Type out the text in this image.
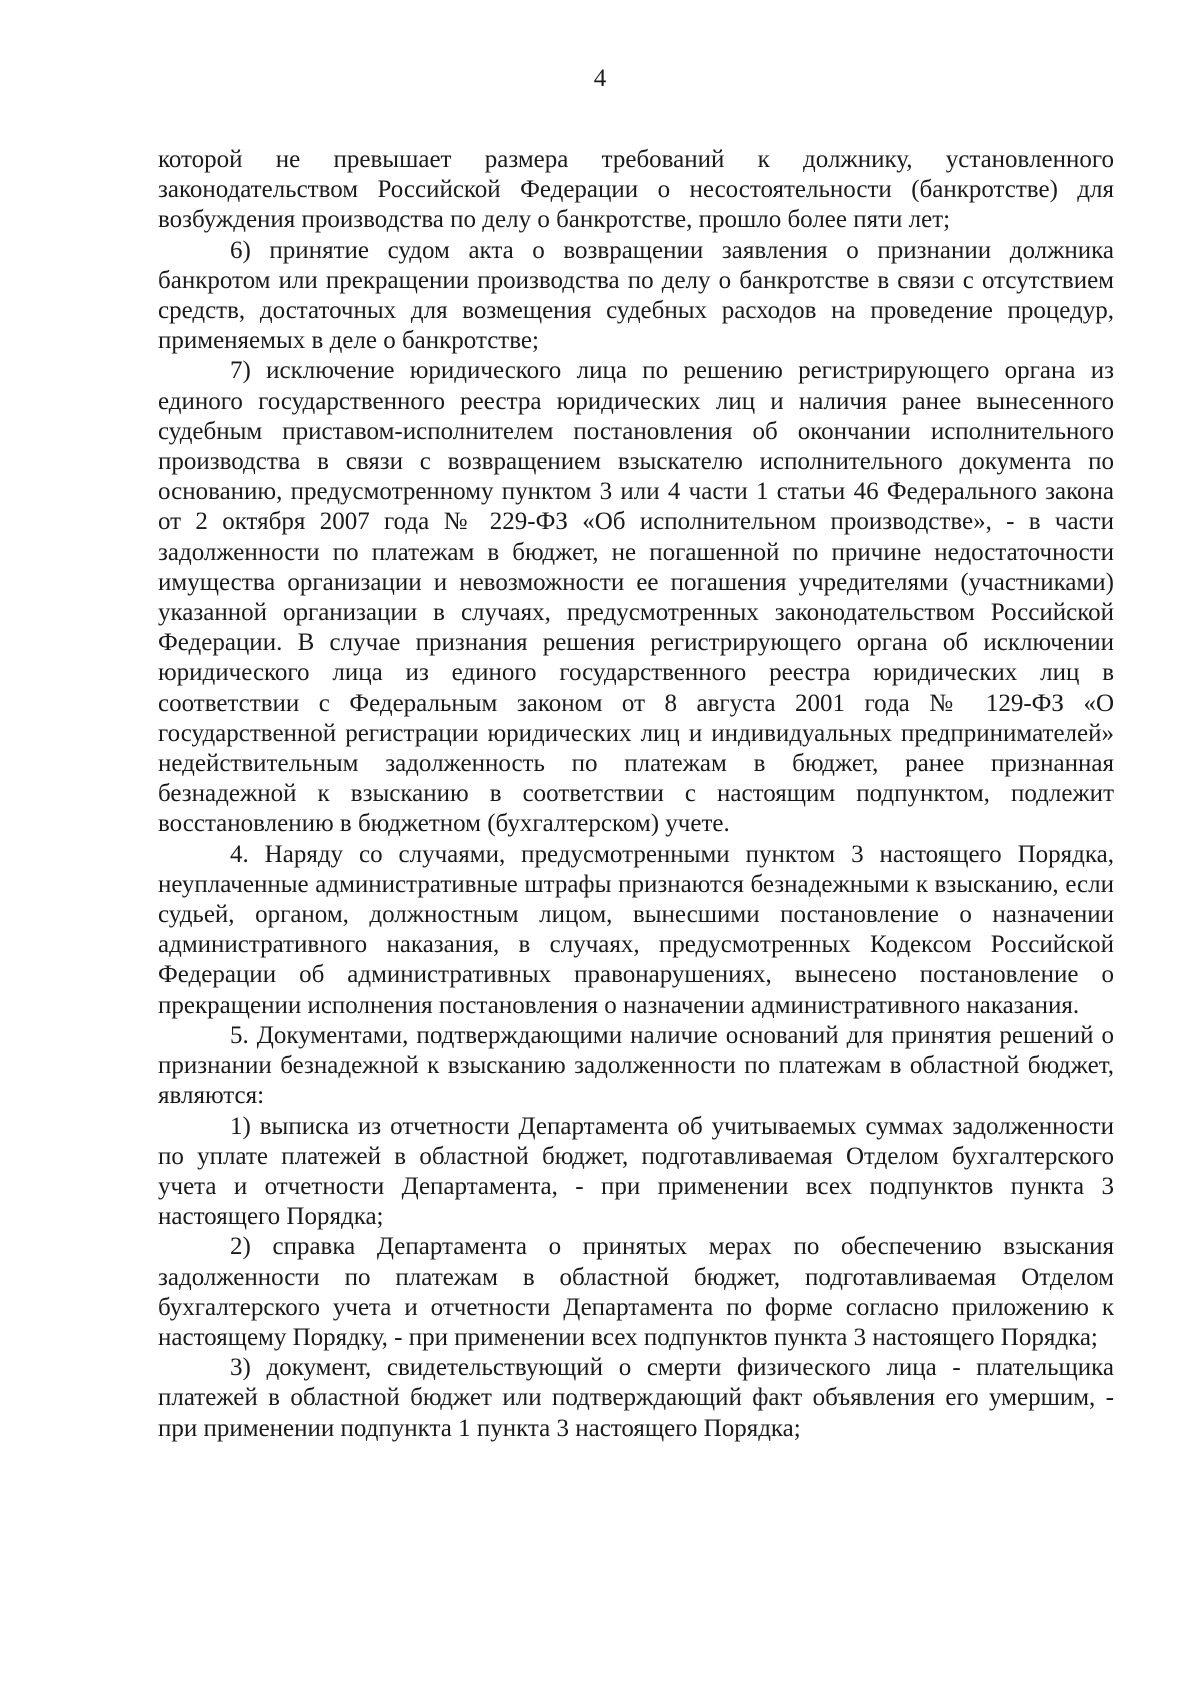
4

которой не превышает размера требований к должнику, установленного законодательством Российской Федерации о несостоятельности (банкротстве) для возбуждения производства по делу о банкротстве, прошло более пяти лет;

6) принятие судом акта о возвращении заявления о признании должника банкротом или прекращении производства по делу о банкротстве в связи с отсутствием средств, достаточных для возмещения судебных расходов на проведение процедур, применяемых в деле о банкротстве;

7) исключение юридического лица по решению регистрирующего органа из единого государственного реестра юридических лиц и наличия ранее вынесенного судебным приставом-исполнителем постановления об окончании исполнительного производства в связи с возвращением взыскателю исполнительного документа по основанию, предусмотренному пунктом 3 или 4 части 1 статьи 46 Федерального закона от 2 октября 2007 года № 229-ФЗ «Об исполнительном производстве», - в части задолженности по платежам в бюджет, не погашенной по причине недостаточности имущества организации и невозможности ее погашения учредителями (участниками) указанной организации в случаях, предусмотренных законодательством Российской Федерации. В случае признания решения регистрирующего органа об исключении юридического лица из единого государственного реестра юридических лиц в соответствии с Федеральным законом от 8 августа 2001 года № 129-ФЗ «О государственной регистрации юридических лиц и индивидуальных предпринимателей» недействительным задолженность по платежам в бюджет, ранее признанная безнадежной к взысканию в соответствии с настоящим подпунктом, подлежит восстановлению в бюджетном (бухгалтерском) учете.

4. Наряду со случаями, предусмотренными пунктом 3 настоящего Порядка, неуплаченные административные штрафы признаются безнадежными к взысканию, если судьей, органом, должностным лицом, вынесшими постановление о назначении административного наказания, в случаях, предусмотренных Кодексом Российской Федерации об административных правонарушениях, вынесено постановление о прекращении исполнения постановления о назначении административного наказания.

5. Документами, подтверждающими наличие оснований для принятия решений о признании безнадежной к взысканию задолженности по платежам в областной бюджет, являются:

1) выписка из отчетности Департамента об учитываемых суммах задолженности по уплате платежей в областной бюджет, подготавливаемая Отделом бухгалтерского учета и отчетности Департамента, - при применении всех подпунктов пункта 3 настоящего Порядка;

2) справка Департамента о принятых мерах по обеспечению взыскания задолженности по платежам в областной бюджет, подготавливаемая Отделом бухгалтерского учета и отчетности Департамента по форме согласно приложению к настоящему Порядку, - при применении всех подпунктов пункта 3 настоящего Порядка;

3) документ, свидетельствующий о смерти физического лица - плательщика платежей в областной бюджет или подтверждающий факт объявления его умершим, - при применении подпункта 1 пункта 3 настоящего Порядка;
